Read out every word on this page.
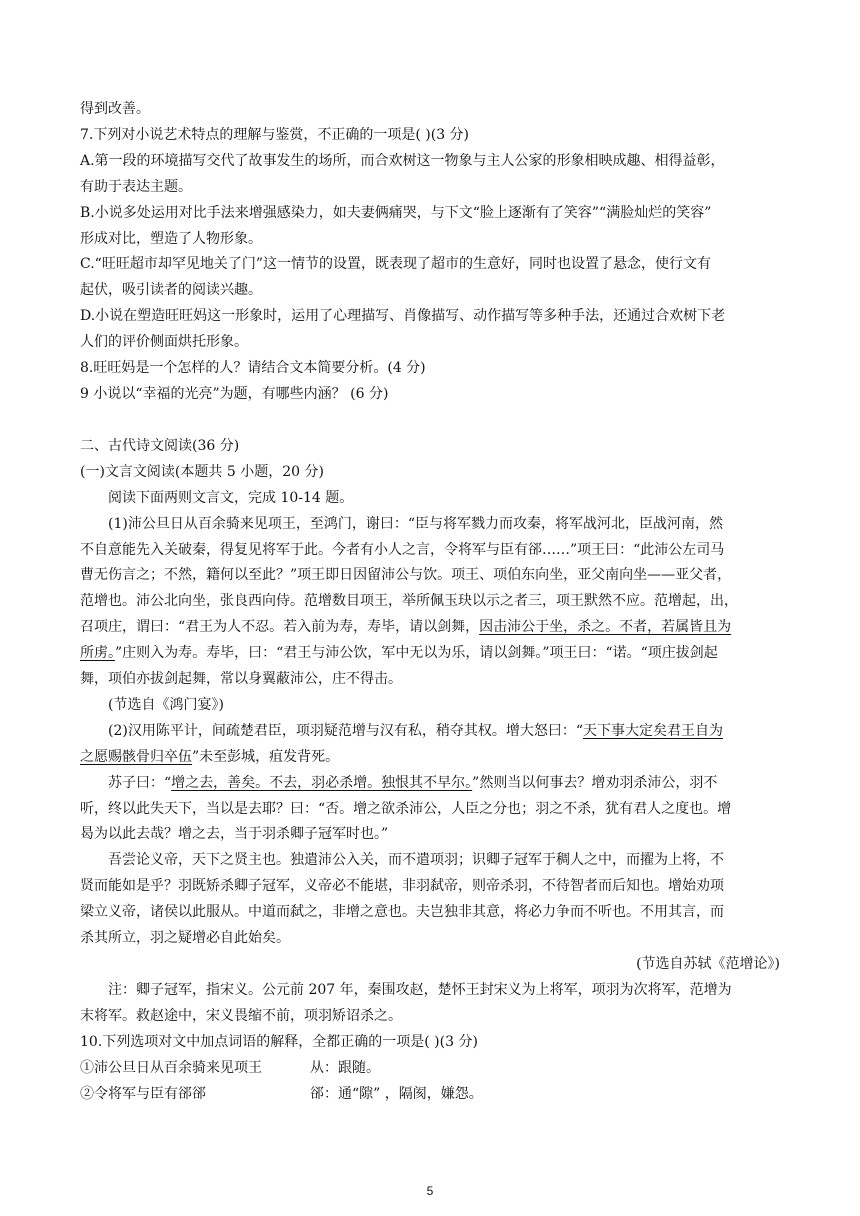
得到改善。
7.下列对小说艺术特点的理解与鉴赏，不正确的一项是( )(3 分)
A.第一段的环境描写交代了故事发生的场所，而合欢树这一物象与主人公家的形象相映成趣、相得益彰，
有助于表达主题。
B.小说多处运用对比手法来增强感染力，如夫妻俩痛哭，与下文“脸上逐渐有了笑容”“满脸灿烂的笑容”
形成对比，塑造了人物形象。
C.“旺旺超市却罕见地关了门”这一情节的设置，既表现了超市的生意好，同时也设置了悬念，使行文有
起伏，吸引读者的阅读兴趣。
D.小说在塑造旺旺妈这一形象时，运用了心理描写、肖像描写、动作描写等多种手法，还通过合欢树下老
人们的评价侧面烘托形象。
8.旺旺妈是一个怎样的人？请结合文本简要分析。(4 分)
9 小说以“幸福的光亮”为题，有哪些内涵？ (6 分)
二、古代诗文阅读(36 分)
(一)文言文阅读(本题共 5 小题，20 分)
阅读下面两则文言文，完成 10-14 题。
(1)沛公旦日从百余骑来见项王，至鸿门，谢曰：“臣与将军戮力而攻秦，将军战河北，臣战河南，然
不自意能先入关破秦，得复见将军于此。今者有小人之言，令将军与臣有郤……”项王曰：“此沛公左司马
曹无伤言之；不然，籍何以至此？”项王即日因留沛公与饮。项王、项伯东向坐，亚父南向坐——亚父者，
范增也。沛公北向坐，张良西向侍。范增数目项王，举所佩玉玦以示之者三，项王默然不应。范增起，出，
召项庄，谓曰：“君王为人不忍。若入前为寿，寿毕，请以剑舞，因击沛公于坐，杀之。不者，若属皆且为
所虏。”庄则入为寿。寿毕，曰：“君王与沛公饮，军中无以为乐，请以剑舞。”项王曰：“诺。“项庄拔剑起
舞，项伯亦拔剑起舞，常以身翼蔽沛公，庄不得击。
(节选自《鸿门宴》)
(2)汉用陈平计，间疏楚君臣，项羽疑范增与汉有私，稍夺其权。增大怒曰：“天下事大定矣君王自为
之愿赐骸骨归卒伍”未至彭城，疽发背死。
苏子曰：“增之去，善矣。不去，羽必杀增。独恨其不早尔。”然则当以何事去？增劝羽杀沛公，羽不
听，终以此失天下，当以是去耶？曰：“否。增之欲杀沛公，人臣之分也；羽之不杀，犹有君人之度也。增
曷为以此去哉？增之去，当于羽杀卿子冠军时也。”
吾尝论义帝，天下之贤主也。独遣沛公入关，而不遣项羽；识卿子冠军于稠人之中，而擢为上将，不
贤而能如是乎？羽既矫杀卿子冠军，义帝必不能堪，非羽弑帝，则帝杀羽，不待智者而后知也。增始劝项
梁立义帝，诸侯以此服从。中道而弑之，非增之意也。夫岂独非其意，将必力争而不听也。不用其言，而
杀其所立，羽之疑增必自此始矣。
(节选自苏轼《范增论》)
注：卿子冠军，指宋义。公元前 207 年，秦围攻赵，楚怀王封宋义为上将军，项羽为次将军，范增为
末将军。救赵途中，宋义畏缩不前，项羽矫诏杀之。
10.下列选项对文中加点词语的解释，全都正确的一项是( )(3 分)
①沛公旦日从百余骑来见项王	从：跟随。
②令将军与臣有郤郤	郤：通“隙” ，隔阂，嫌怨。
5
